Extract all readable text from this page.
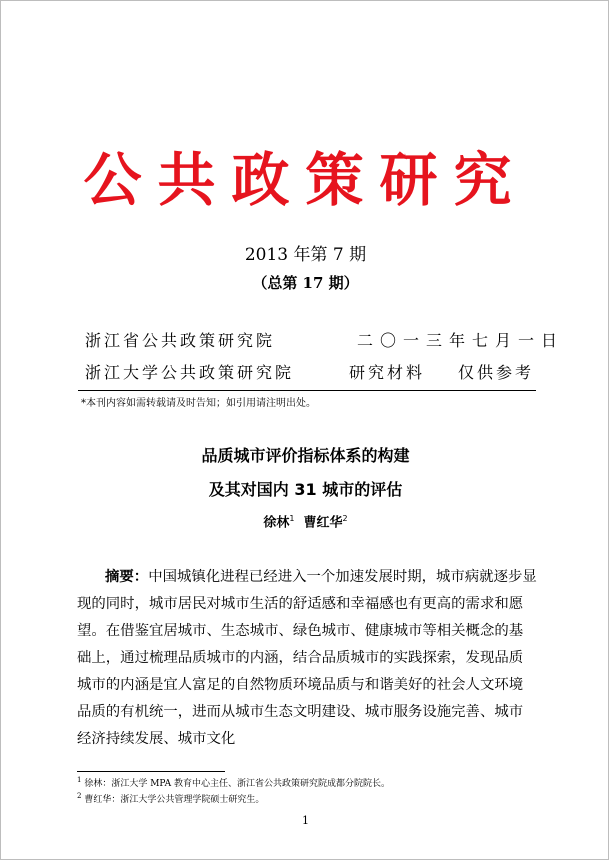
公共政策研究
2013 年第 7 期
（总第 17 期）
浙江省公共政策研究院	二〇一三年七月一日
浙江大学公共政策研究院	研究材料 仅供参考
*本刊内容如需转载请及时告知；如引用请注明出处。
品质城市评价指标体系的构建
及其对国内 31 城市的评估
徐林$^1$ 曹红华$^2$
摘要：中国城镇化进程已经进入一个加速发展时期，城市病就逐步显现的同时，城市居民对城市生活的舒适感和幸福感也有更高的需求和愿望。在借鉴宜居城市、生态城市、绿色城市、健康城市等相关概念的基础上，通过梳理品质城市的内涵，结合品质城市的实践探索，发现品质城市的内涵是宜人富足的自然物质环境品质与和谐美好的社会人文环境品质的有机统一，进而从城市生态文明建设、城市服务设施完善、城市经济持续发展、城市文化
$^1$ 徐林：浙江大学 MPA 教育中心主任、浙江省公共政策研究院成都分院院长。
$^2$ 曹红华：浙江大学公共管理学院硕士研究生。
1
